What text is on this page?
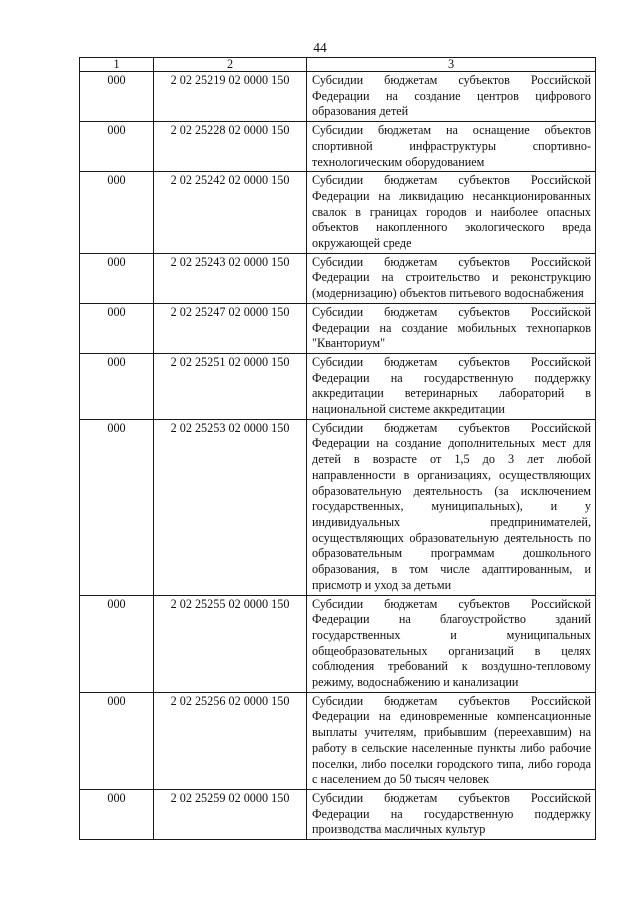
44
1	2	3
000	2 02 25219 02 0000 150	Субсидии бюджетам субъектов Российской Федерации на создание центров цифрового образования детей
000	2 02 25228 02 0000 150	Субсидии бюджетам на оснащение объектов спортивной инфраструктуры спортивно-технологическим оборудованием
000	2 02 25242 02 0000 150	Субсидии бюджетам субъектов Российской Федерации на ликвидацию несанкционированных свалок в границах городов и наиболее опасных объектов накопленного экологического вреда окружающей среде
000	2 02 25243 02 0000 150	Субсидии бюджетам субъектов Российской Федерации на строительство и реконструкцию (модернизацию) объектов питьевого водоснабжения
000	2 02 25247 02 0000 150	Субсидии бюджетам субъектов Российской Федерации на создание мобильных технопарков "Кванториум"
000	2 02 25251 02 0000 150	Субсидии бюджетам субъектов Российской Федерации на государственную поддержку аккредитации ветеринарных лабораторий в национальной системе аккредитации
000	2 02 25253 02 0000 150	Субсидии бюджетам субъектов Российской Федерации на создание дополнительных мест для детей в возрасте от 1,5 до 3 лет любой направленности в организациях, осуществляющих образовательную деятельность (за исключением государственных, муниципальных), и у индивидуальных предпринимателей, осуществляющих образовательную деятельность по образовательным программам дошкольного образования, в том числе адаптированным, и присмотр и уход за детьми
000	2 02 25255 02 0000 150	Субсидии бюджетам субъектов Российской Федерации на благоустройство зданий государственных и муниципальных общеобразовательных организаций в целях соблюдения требований к воздушно-тепловому режиму, водоснабжению и канализации
000	2 02 25256 02 0000 150	Субсидии бюджетам субъектов Российской Федерации на единовременные компенсационные выплаты учителям, прибывшим (переехавшим) на работу в сельские населенные пункты либо рабочие поселки, либо поселки городского типа, либо города с населением до 50 тысяч человек
000	2 02 25259 02 0000 150	Субсидии бюджетам субъектов Российской Федерации на государственную поддержку производства масличных культур
